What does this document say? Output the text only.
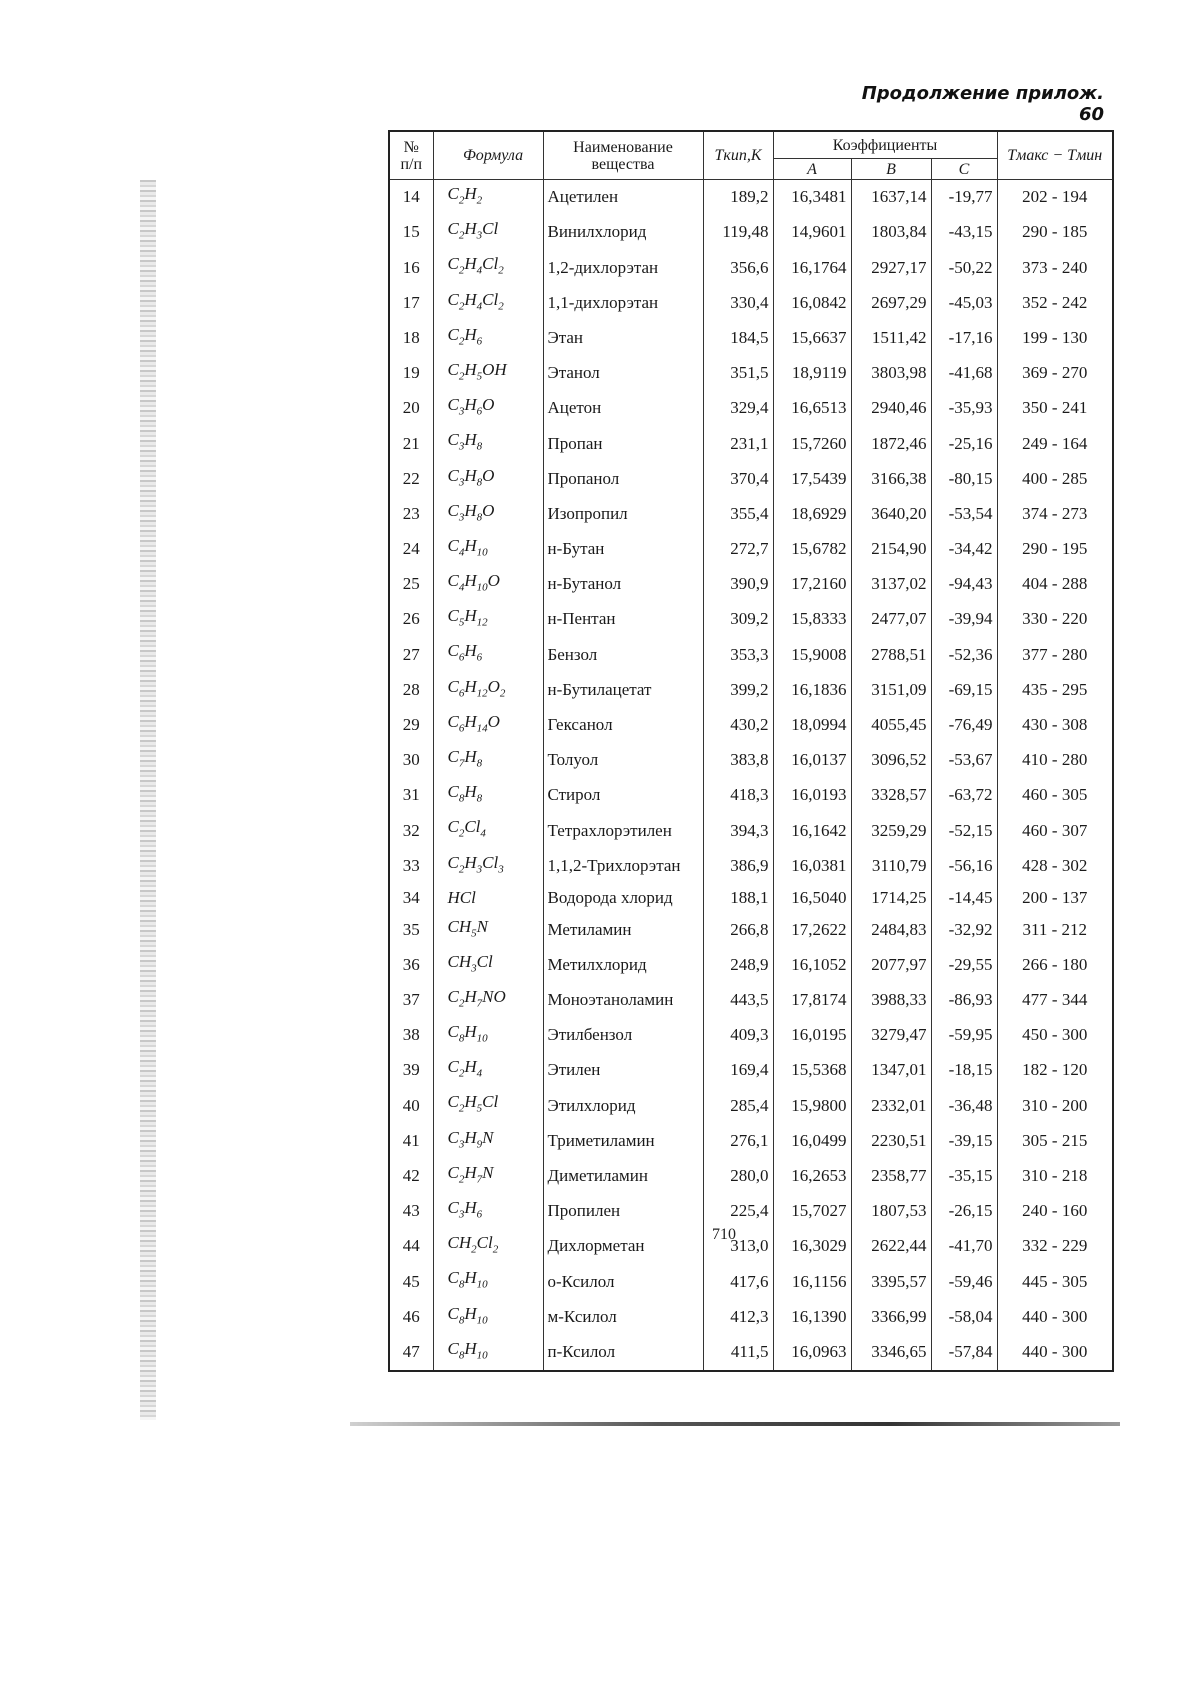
Продолжение прилож. 60
№
п/п	Формула	Наименование
вещества	Tкип,K	Коэффициенты			Tмакс − Tмин
				A	B	C	

14	$C_2H_2$	Ацетилен	189,2	16,3481	1637,14	-19,77	202 - 194
15	$C_2H_3Cl$	Винилхлорид	119,48	14,9601	1803,84	-43,15	290 - 185
16	$C_2H_4Cl_2$	1,2-дихлорэтан	356,6	16,1764	2927,17	-50,22	373 - 240
17	$C_2H_4Cl_2$	1,1-дихлорэтан	330,4	16,0842	2697,29	-45,03	352 - 242
18	$C_2H_6$	Этан	184,5	15,6637	1511,42	-17,16	199 - 130
19	$C_2H_5OH$	Этанол	351,5	18,9119	3803,98	-41,68	369 - 270
20	$C_3H_6O$	Ацетон	329,4	16,6513	2940,46	-35,93	350 - 241
21	$C_3H_8$	Пропан	231,1	15,7260	1872,46	-25,16	249 - 164
22	$C_3H_8O$	Пропанол	370,4	17,5439	3166,38	-80,15	400 - 285
23	$C_3H_8O$	Изопропил	355,4	18,6929	3640,20	-53,54	374 - 273
24	$C_4H_{10}$	н-Бутан	272,7	15,6782	2154,90	-34,42	290 - 195
25	$C_4H_{10}O$	н-Бутанол	390,9	17,2160	3137,02	-94,43	404 - 288
26	$C_5H_{12}$	н-Пентан	309,2	15,8333	2477,07	-39,94	330 - 220
27	$C_6H_6$	Бензол	353,3	15,9008	2788,51	-52,36	377 - 280
28	$C_6H_{12}O_2$	н-Бутилацетат	399,2	16,1836	3151,09	-69,15	435 - 295
29	$C_6H_{14}O$	Гексанол	430,2	18,0994	4055,45	-76,49	430 - 308
30	$C_7H_8$	Толуол	383,8	16,0137	3096,52	-53,67	410 - 280
31	$C_8H_8$	Стирол	418,3	16,0193	3328,57	-63,72	460 - 305
32	$C_2Cl_4$	Тетрахлорэтилен	394,3	16,1642	3259,29	-52,15	460 - 307
33	$C_2H_3Cl_3$	1,1,2-Трихлорэтан	386,9	16,0381	3110,79	-56,16	428 - 302
34	HCl	Водорода хлорид	188,1	16,5040	1714,25	-14,45	200 - 137
35	$CH_5N$	Метиламин	266,8	17,2622	2484,83	-32,92	311 - 212
36	$CH_3Cl$	Метилхлорид	248,9	16,1052	2077,97	-29,55	266 - 180
37	$C_2H_7NO$	Моноэтаноламин	443,5	17,8174	3988,33	-86,93	477 - 344
38	$C_8H_{10}$	Этилбензол	409,3	16,0195	3279,47	-59,95	450 - 300
39	$C_2H_4$	Этилен	169,4	15,5368	1347,01	-18,15	182 - 120
40	$C_2H_5Cl$	Этилхлорид	285,4	15,9800	2332,01	-36,48	310 - 200
41	$C_3H_9N$	Триметиламин	276,1	16,0499	2230,51	-39,15	305 - 215
42	$C_2H_7N$	Диметиламин	280,0	16,2653	2358,77	-35,15	310 - 218
43	$C_3H_6$	Пропилен	225,4	15,7027	1807,53	-26,15	240 - 160
44	$CH_2Cl_2$	Дихлорметан	313,0	16,3029	2622,44	-41,70	332 - 229
45	$C_8H_{10}$	о-Ксилол	417,6	16,1156	3395,57	-59,46	445 - 305
46	$C_8H_{10}$	м-Ксилол	412,3	16,1390	3366,99	-58,04	440 - 300
47	$C_8H_{10}$	п-Ксилол	411,5	16,0963	3346,65	-57,84	440 - 300
710
